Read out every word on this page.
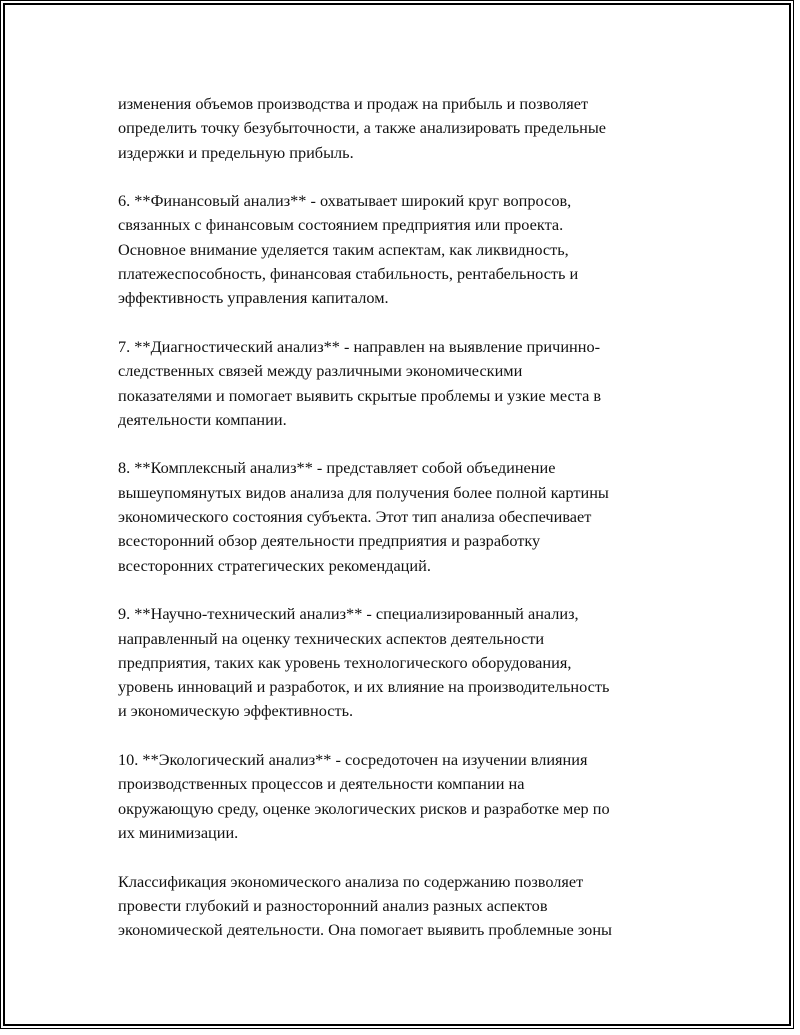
изменения объемов производства и продаж на прибыль и позволяет
определить точку безубыточности, а также анализировать предельные
издержки и предельную прибыль.

6. **Финансовый анализ** - охватывает широкий круг вопросов,
связанных с финансовым состоянием предприятия или проекта.
Основное внимание уделяется таким аспектам, как ликвидность,
платежеспособность, финансовая стабильность, рентабельность и
эффективность управления капиталом.

7. **Диагностический анализ** - направлен на выявление причинно-
следственных связей между различными экономическими
показателями и помогает выявить скрытые проблемы и узкие места в
деятельности компании.

8. **Комплексный анализ** - представляет собой объединение
вышеупомянутых видов анализа для получения более полной картины
экономического состояния субъекта. Этот тип анализа обеспечивает
всесторонний обзор деятельности предприятия и разработку
всесторонних стратегических рекомендаций.

9. **Научно-технический анализ** - специализированный анализ,
направленный на оценку технических аспектов деятельности
предприятия, таких как уровень технологического оборудования,
уровень инноваций и разработок, и их влияние на производительность
и экономическую эффективность.

10. **Экологический анализ** - сосредоточен на изучении влияния
производственных процессов и деятельности компании на
окружающую среду, оценке экологических рисков и разработке мер по
их минимизации.

Классификация экономического анализа по содержанию позволяет
провести глубокий и разносторонний анализ разных аспектов
экономической деятельности. Она помогает выявить проблемные зоны
